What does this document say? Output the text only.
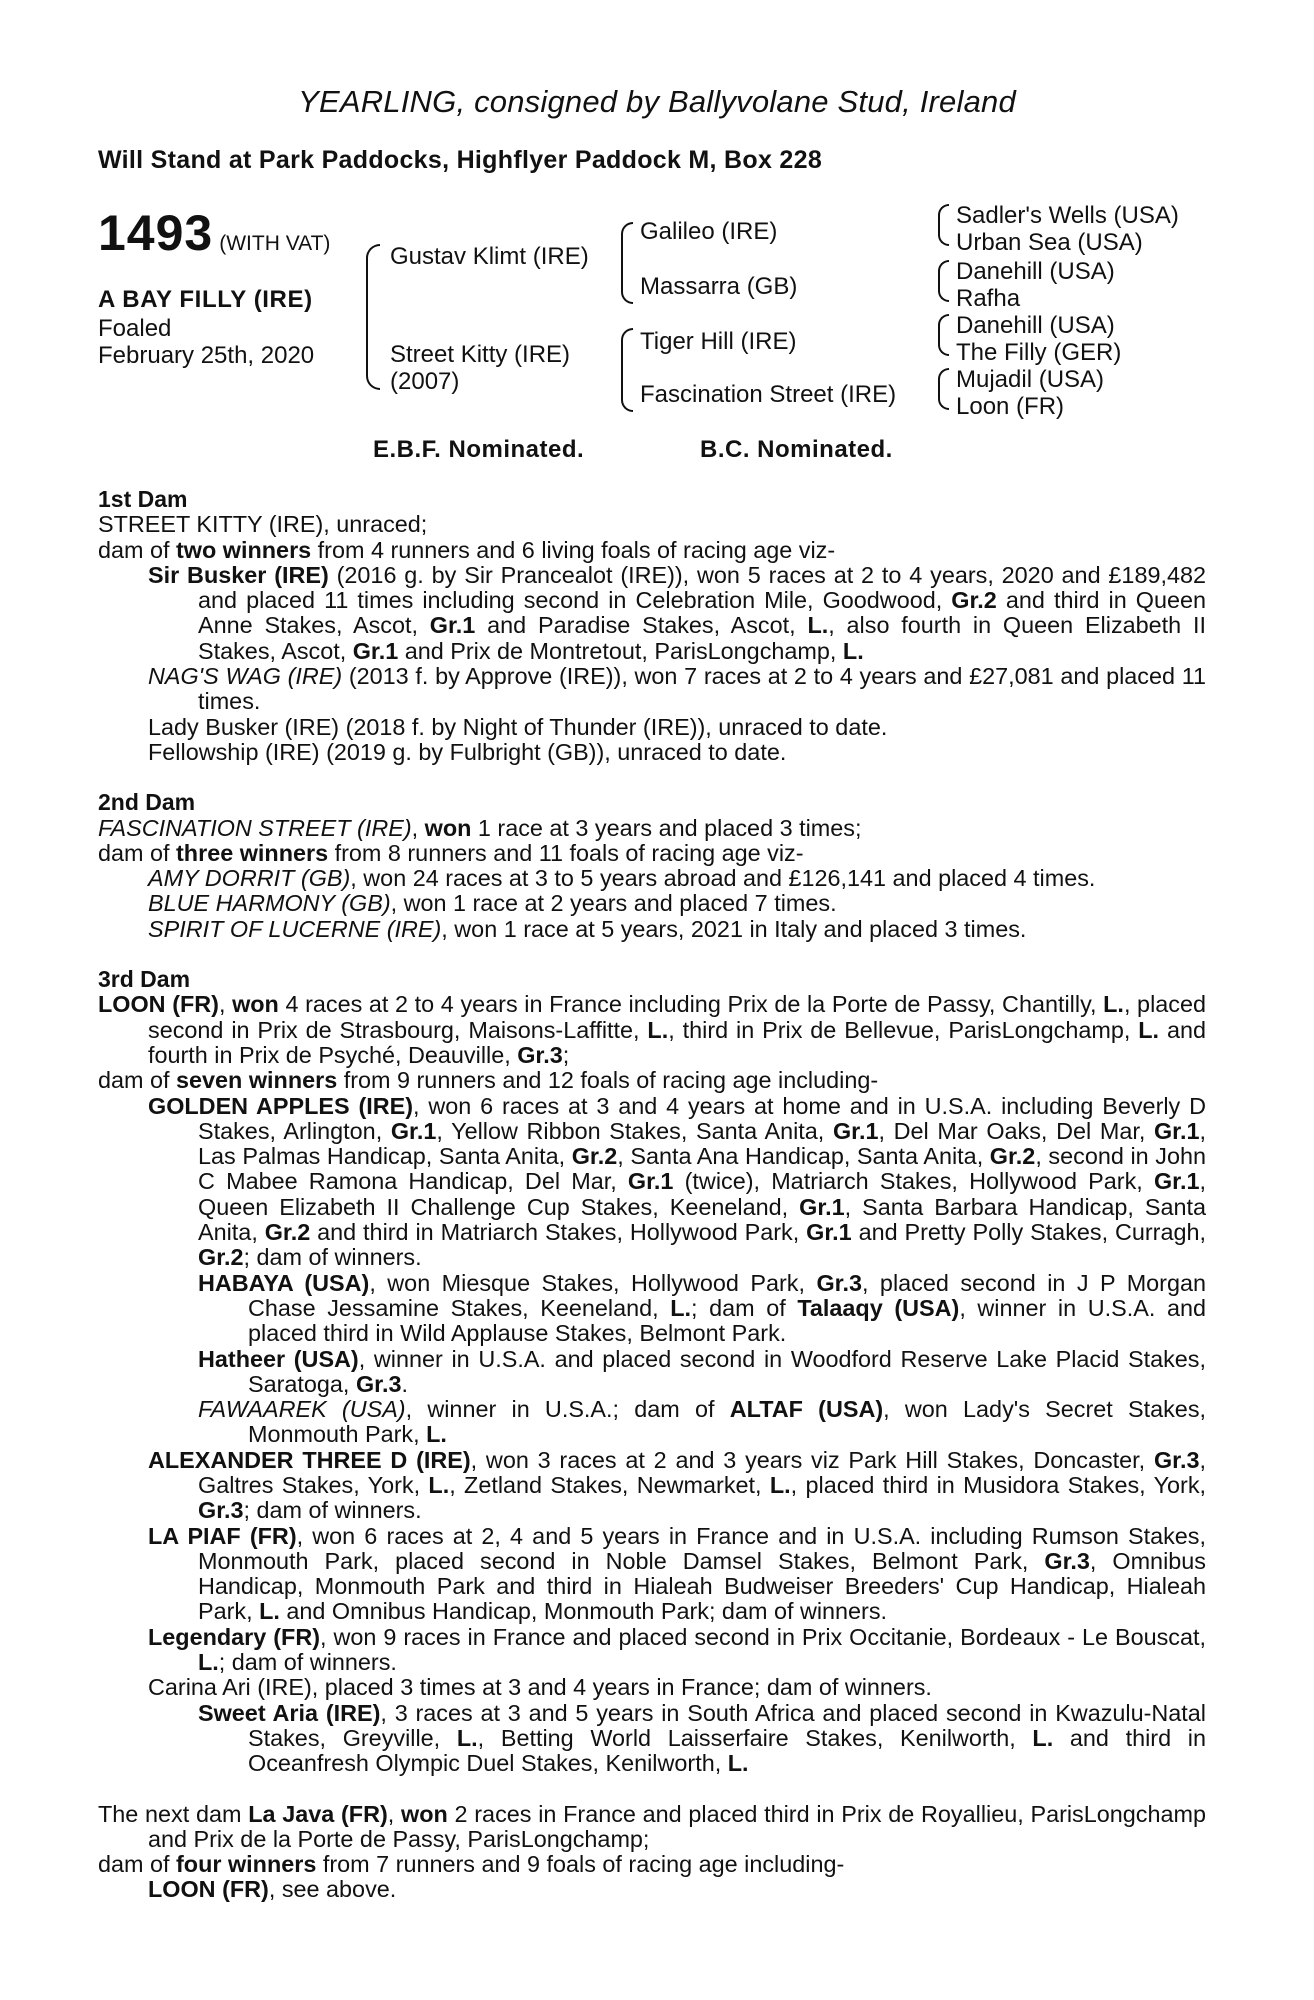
YEARLING, consigned by Ballyvolane Stud, Ireland
Will Stand at Park Paddocks, Highflyer Paddock M, Box 228
1493 (WITH VAT)
A BAY FILLY (IRE)
Foaled
February 25th, 2020
Gustav Klimt (IRE)
Street Kitty (IRE)
(2007)
Galileo (IRE)
Massarra (GB)
Tiger Hill (IRE)
Fascination Street (IRE)
Sadler's Wells (USA)
Urban Sea (USA)
Danehill (USA)
Rafha
Danehill (USA)
The Filly (GER)
Mujadil (USA)
Loon (FR)
E.B.F. Nominated.	B.C. Nominated.

1st Dam

STREET KITTY (IRE), unraced;

dam of two winners from 4 runners and 6 living foals of racing age viz-

Sir Busker (IRE) (2016 g. by Sir Prancealot (IRE)), won 5 races at 2 to 4 years, 2020 and £189,482 and placed 11 times including second in Celebration Mile, Goodwood, Gr.2 and third in Queen Anne Stakes, Ascot, Gr.1 and Paradise Stakes, Ascot, L., also fourth in Queen Elizabeth II Stakes, Ascot, Gr.1 and Prix de Montretout, ParisLongchamp, L.

NAG'S WAG (IRE) (2013 f. by Approve (IRE)), won 7 races at 2 to 4 years and £27,081 and placed 11 times.

Lady Busker (IRE) (2018 f. by Night of Thunder (IRE)), unraced to date.

Fellowship (IRE) (2019 g. by Fulbright (GB)), unraced to date.

2nd Dam

FASCINATION STREET (IRE), won 1 race at 3 years and placed 3 times;

dam of three winners from 8 runners and 11 foals of racing age viz-

AMY DORRIT (GB), won 24 races at 3 to 5 years abroad and £126,141 and placed 4 times.

BLUE HARMONY (GB), won 1 race at 2 years and placed 7 times.

SPIRIT OF LUCERNE (IRE), won 1 race at 5 years, 2021 in Italy and placed 3 times.

3rd Dam

LOON (FR), won 4 races at 2 to 4 years in France including Prix de la Porte de Passy, Chantilly, L., placed second in Prix de Strasbourg, Maisons-Laffitte, L., third in Prix de Bellevue, ParisLongchamp, L. and fourth in Prix de Psyché, Deauville, Gr.3;

dam of seven winners from 9 runners and 12 foals of racing age including-

GOLDEN APPLES (IRE), won 6 races at 3 and 4 years at home and in U.S.A. including Beverly D Stakes, Arlington, Gr.1, Yellow Ribbon Stakes, Santa Anita, Gr.1, Del Mar Oaks, Del Mar, Gr.1, Las Palmas Handicap, Santa Anita, Gr.2, Santa Ana Handicap, Santa Anita, Gr.2, second in John C Mabee Ramona Handicap, Del Mar, Gr.1 (twice), Matriarch Stakes, Hollywood Park, Gr.1, Queen Elizabeth II Challenge Cup Stakes, Keeneland, Gr.1, Santa Barbara Handicap, Santa Anita, Gr.2 and third in Matriarch Stakes, Hollywood Park, Gr.1 and Pretty Polly Stakes, Curragh, Gr.2; dam of winners.

HABAYA (USA), won Miesque Stakes, Hollywood Park, Gr.3, placed second in J P Morgan Chase Jessamine Stakes, Keeneland, L.; dam of Talaaqy (USA), winner in U.S.A. and placed third in Wild Applause Stakes, Belmont Park.

Hatheer (USA), winner in U.S.A. and placed second in Woodford Reserve Lake Placid Stakes, Saratoga, Gr.3.

FAWAAREK (USA), winner in U.S.A.; dam of ALTAF (USA), won Lady's Secret Stakes, Monmouth Park, L.

ALEXANDER THREE D (IRE), won 3 races at 2 and 3 years viz Park Hill Stakes, Doncaster, Gr.3, Galtres Stakes, York, L., Zetland Stakes, Newmarket, L., placed third in Musidora Stakes, York, Gr.3; dam of winners.

LA PIAF (FR), won 6 races at 2, 4 and 5 years in France and in U.S.A. including Rumson Stakes, Monmouth Park, placed second in Noble Damsel Stakes, Belmont Park, Gr.3, Omnibus Handicap, Monmouth Park and third in Hialeah Budweiser Breeders' Cup Handicap, Hialeah Park, L. and Omnibus Handicap, Monmouth Park; dam of winners.

Legendary (FR), won 9 races in France and placed second in Prix Occitanie, Bordeaux - Le Bouscat, L.; dam of winners.

Carina Ari (IRE), placed 3 times at 3 and 4 years in France; dam of winners.

Sweet Aria (IRE), 3 races at 3 and 5 years in South Africa and placed second in Kwazulu-Natal Stakes, Greyville, L., Betting World Laisserfaire Stakes, Kenilworth, L. and third in Oceanfresh Olympic Duel Stakes, Kenilworth, L.

The next dam La Java (FR), won 2 races in France and placed third in Prix de Royallieu, ParisLongchamp and Prix de la Porte de Passy, ParisLongchamp;

dam of four winners from 7 runners and 9 foals of racing age including-

LOON (FR), see above.
